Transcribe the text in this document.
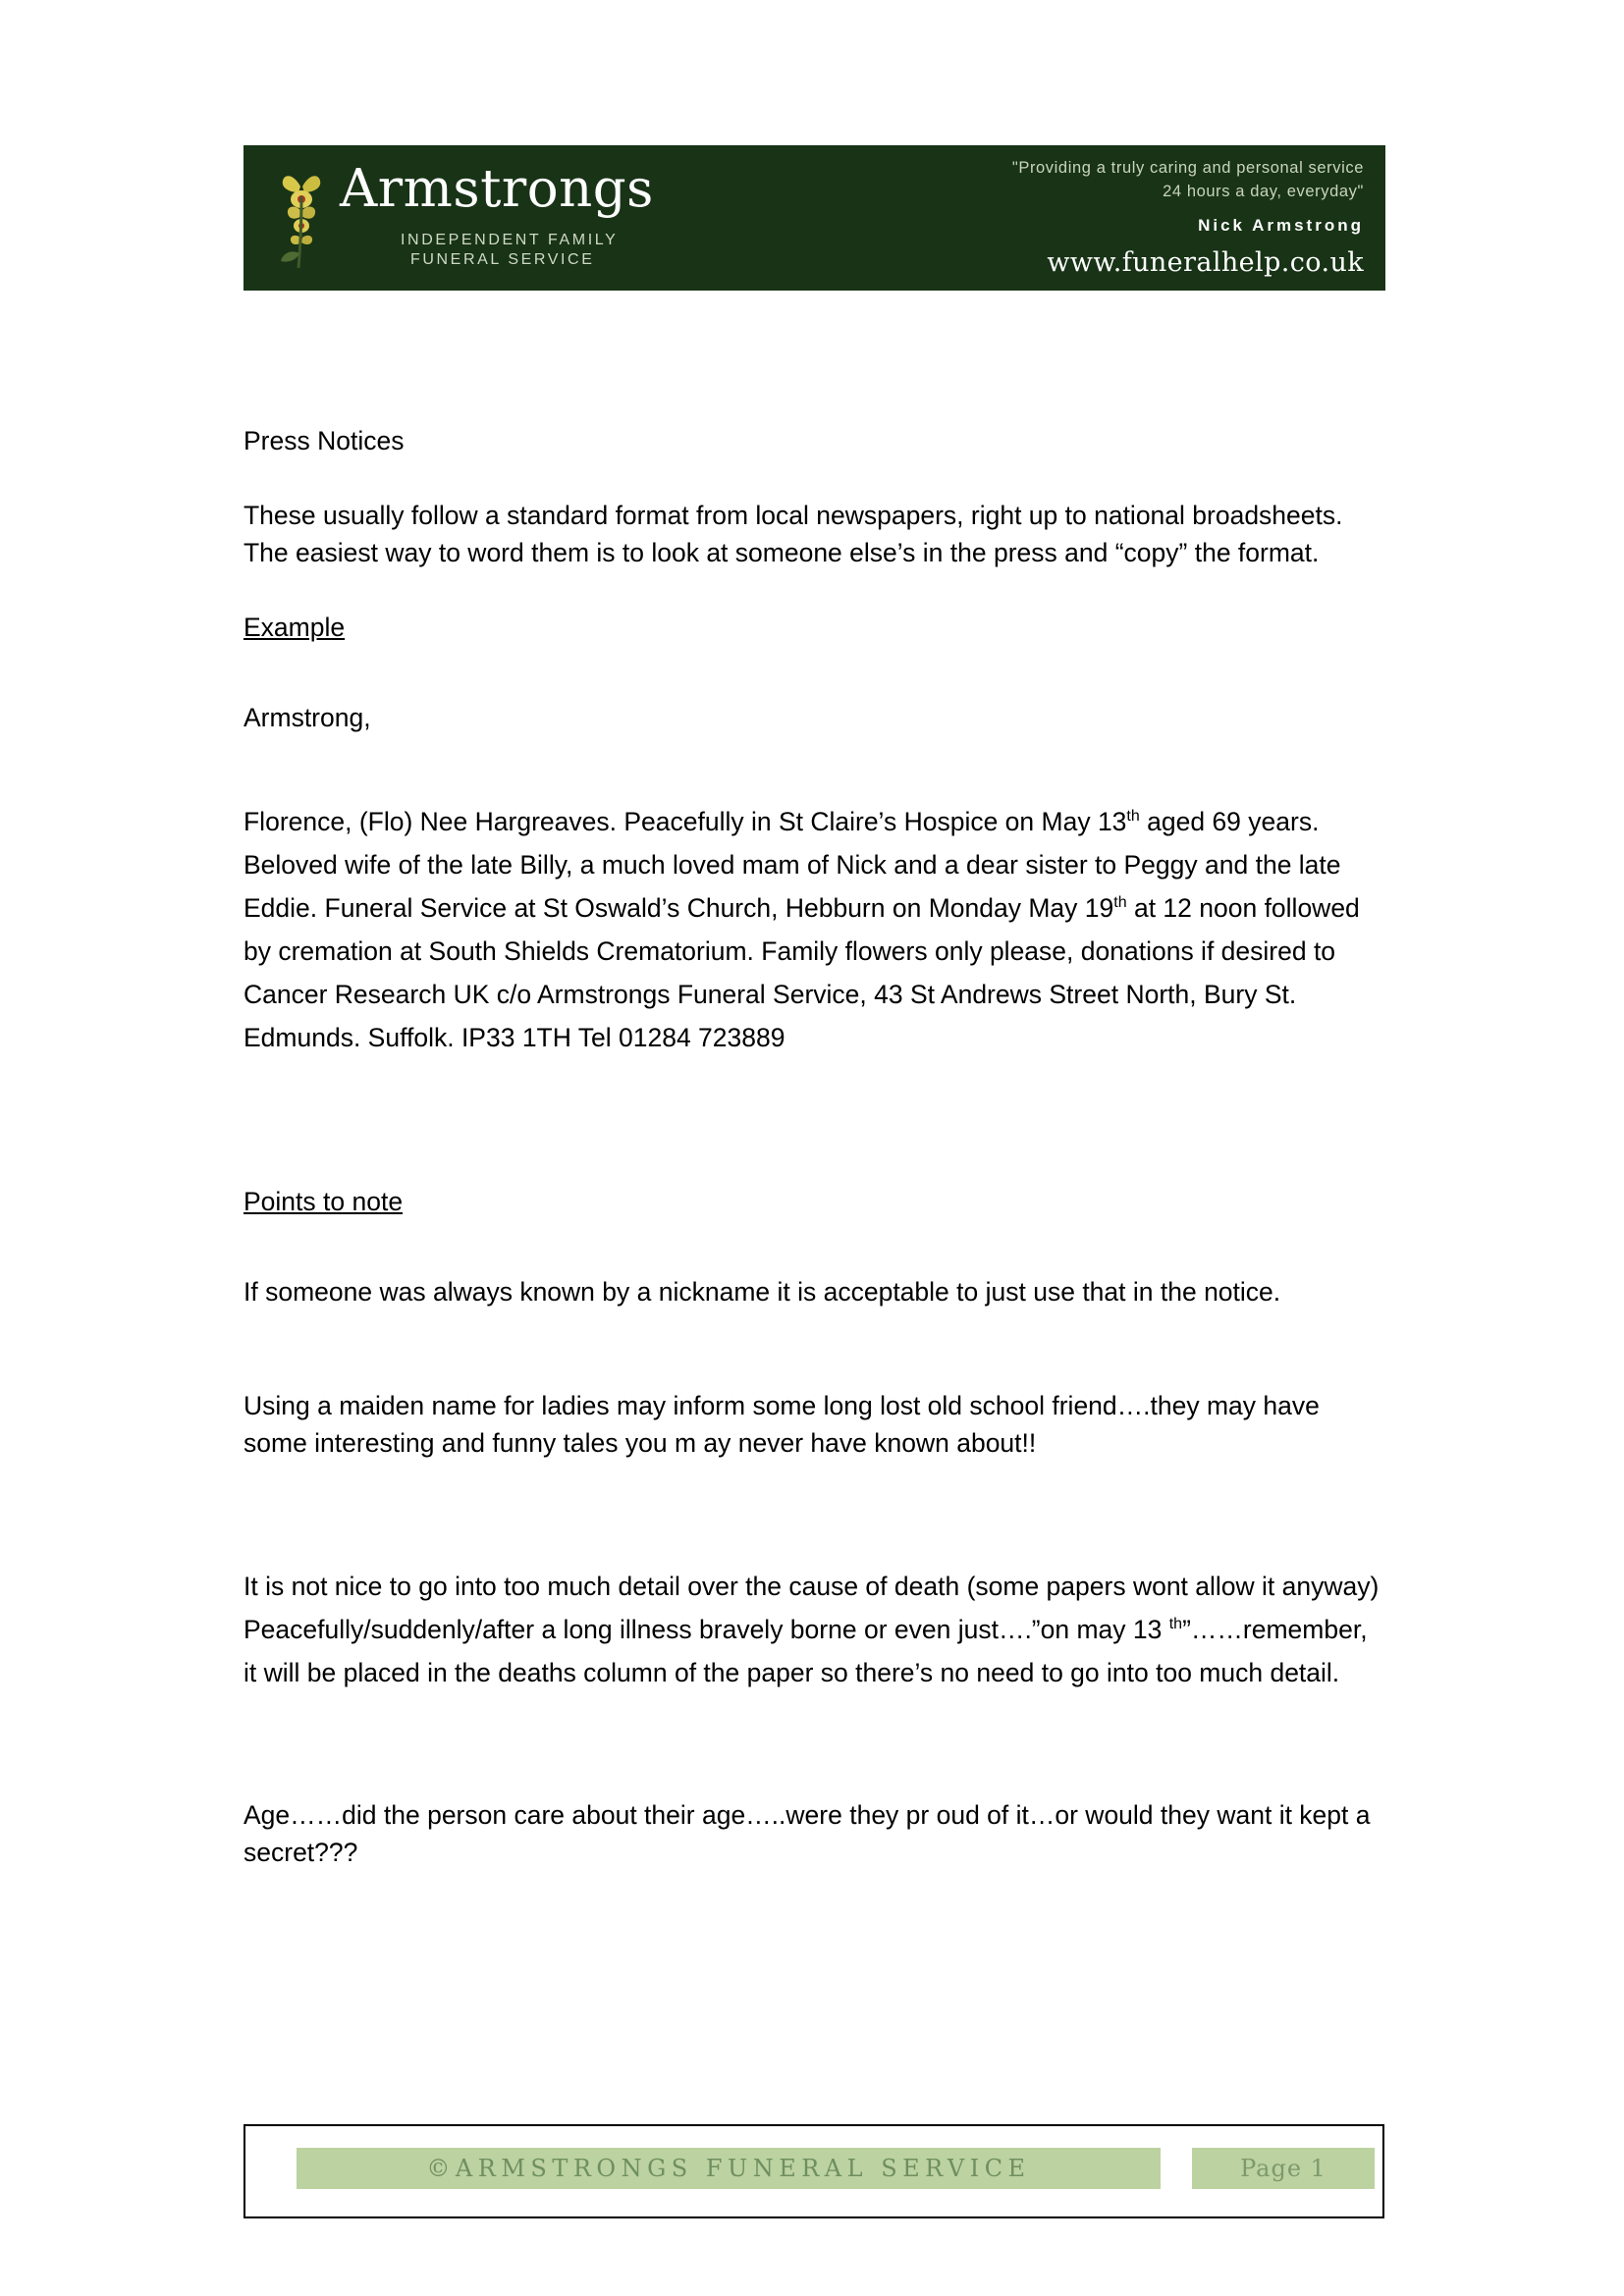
Armstrongs
INDEPENDENT FAMILY
FUNERAL SERVICE
"Providing a truly caring and personal service
24 hours a day, everyday"
Nick Armstrong
www.funeralhelp.co.uk

Press Notices

These usually follow a standard format from local newspapers, right up to national broadsheets. The easiest way to word them is to look at someone else’s in the press and “copy” the format.

Example

Armstrong,

Florence, (Flo) Nee Hargreaves. Peacefully in St Claire’s Hospice on May 13th aged 69 years. Beloved wife of the late Billy, a much loved mam of Nick and a dear sister to Peggy and the late Eddie. Funeral Service at St Oswald’s Church, Hebburn on Monday May 19th at 12 noon followed by cremation at South Shields Crematorium. Family flowers only please, donations if desired to Cancer Research UK c/o Armstrongs Funeral Service, 43 St Andrews Street North, Bury St. Edmunds. Suffolk. IP33 1TH Tel 01284 723889

Points to note

If someone was always known by a nickname it is acceptable to just use that in the notice.

Using a maiden name for ladies may inform some long lost old school friend….they may have some interesting and funny tales you m ay never have known about!!

It is not nice to go into too much detail over the cause of death (some papers wont allow it anyway) Peacefully/suddenly/after a long illness bravely borne or even just….”on may 13 $^{th}$”……remember, it will be placed in the deaths column of the paper so there’s no need to go into too much detail.

Age……did the person care about their age…..were they pr oud of it…or would they want it kept a secret???

©ARMSTRONGS FUNERAL SERVICE	Page 1
